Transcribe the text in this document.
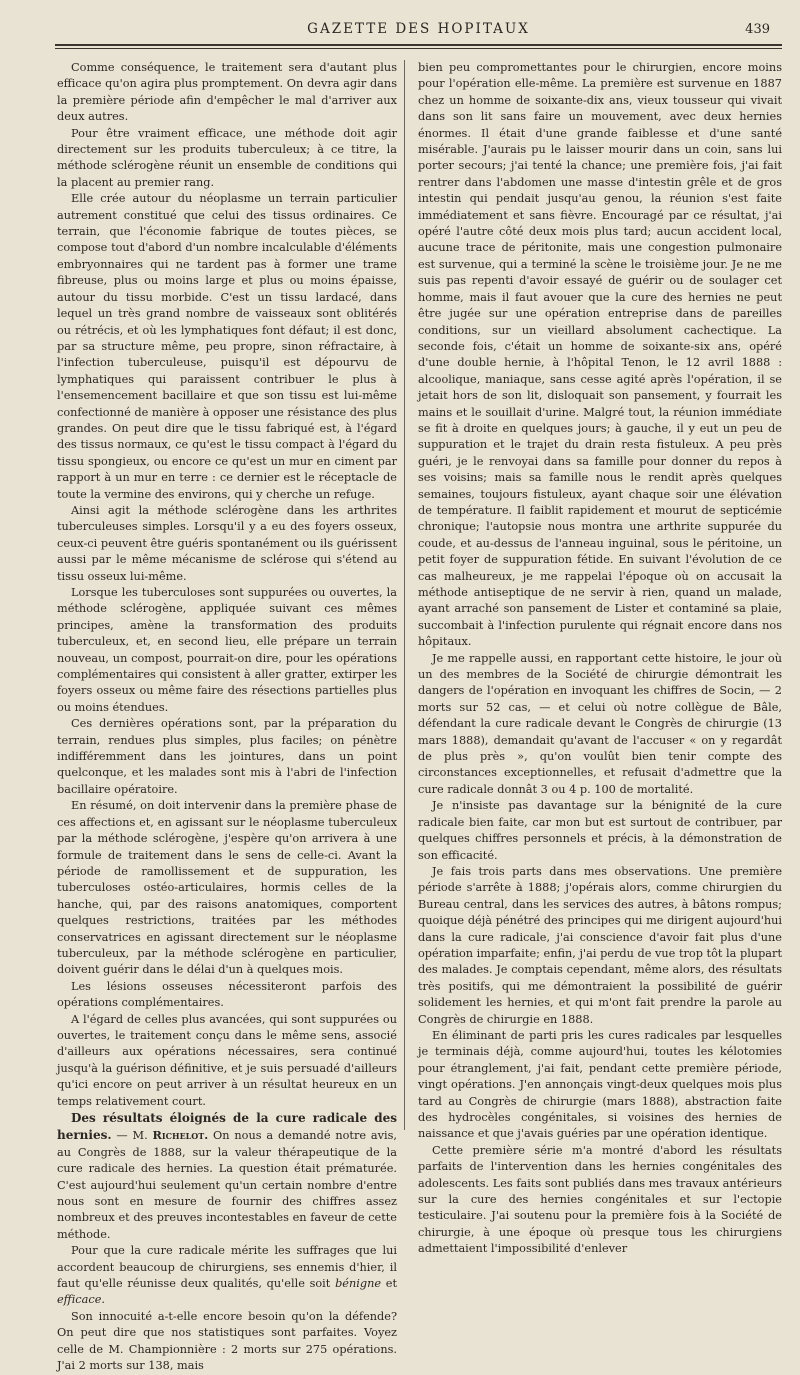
GAZETTE DES HOPITAUX	439

Comme conséquence, le traitement sera d'autant plus efficace qu'on agira plus promptement. On devra agir dans la première période afin d'empêcher le mal d'arriver aux deux autres.

Pour être vraiment efficace, une méthode doit agir directement sur les produits tuberculeux; à ce titre, la méthode sclérogène réunit un ensemble de conditions qui la placent au premier rang.

Elle crée autour du néoplasme un terrain particulier autrement constitué que celui des tissus ordinaires. Ce terrain, que l'économie fabrique de toutes pièces, se compose tout d'abord d'un nombre incalculable d'éléments embryonnaires qui ne tardent pas à former une trame fibreuse, plus ou moins large et plus ou moins épaisse, autour du tissu morbide. C'est un tissu lardacé, dans lequel un très grand nombre de vaisseaux sont oblitérés ou rétrécis, et où les lymphatiques font défaut; il est donc, par sa structure même, peu propre, sinon réfractaire, à l'infection tuberculeuse, puisqu'il est dépourvu de lymphatiques qui paraissent contribuer le plus à l'ensemencement bacillaire et que son tissu est lui-même confectionné de manière à opposer une résistance des plus grandes. On peut dire que le tissu fabriqué est, à l'égard des tissus normaux, ce qu'est le tissu compact à l'égard du tissu spongieux, ou encore ce qu'est un mur en ciment par rapport à un mur en terre : ce dernier est le réceptacle de toute la vermine des environs, qui y cherche un refuge.

Ainsi agit la méthode sclérogène dans les arthrites tuberculeuses simples. Lorsqu'il y a eu des foyers osseux, ceux-ci peuvent être guéris spontanément ou ils guérissent aussi par le même mécanisme de sclérose qui s'étend au tissu osseux lui-même.

Lorsque les tuberculoses sont suppurées ou ouvertes, la méthode sclérogène, appliquée suivant ces mêmes principes, amène la transformation des produits tuberculeux, et, en second lieu, elle prépare un terrain nouveau, un compost, pourrait-on dire, pour les opérations complémentaires qui consistent à aller gratter, extirper les foyers osseux ou même faire des résections partielles plus ou moins étendues.

Ces dernières opérations sont, par la préparation du terrain, rendues plus simples, plus faciles; on pénètre indifféremment dans les jointures, dans un point quelconque, et les malades sont mis à l'abri de l'infection bacillaire opératoire.

En résumé, on doit intervenir dans la première phase de ces affections et, en agissant sur le néoplasme tuberculeux par la méthode sclérogène, j'espère qu'on arrivera à une formule de traitement dans le sens de celle-ci. Avant la période de ramollissement et de suppuration, les tuberculoses ostéo-articulaires, hormis celles de la hanche, qui, par des raisons anatomiques, comportent quelques restrictions, traitées par les méthodes conservatrices en agissant directement sur le néoplasme tuberculeux, par la méthode sclérogène en particulier, doivent guérir dans le délai d'un à quelques mois.

Les lésions osseuses nécessiteront parfois des opérations complémentaires.

A l'égard de celles plus avancées, qui sont suppurées ou ouvertes, le traitement conçu dans le même sens, associé d'ailleurs aux opérations nécessaires, sera continué jusqu'à la guérison définitive, et je suis persuadé d'ailleurs qu'ici encore on peut arriver à un résultat heureux en un temps relativement court.

Des résultats éloignés de la cure radicale des hernies. — M. Richelot. On nous a demandé notre avis, au Congrès de 1888, sur la valeur thérapeutique de la cure radicale des hernies. La question était prématurée. C'est aujourd'hui seulement qu'un certain nombre d'entre nous sont en mesure de fournir des chiffres assez nombreux et des preuves incontestables en faveur de cette méthode.

Pour que la cure radicale mérite les suffrages que lui accordent beaucoup de chirurgiens, ses ennemis d'hier, il faut qu'elle réunisse deux qualités, qu'elle soit bénigne et efficace.

Son innocuité a-t-elle encore besoin qu'on la défende? On peut dire que nos statistiques sont parfaites. Voyez celle de M. Championnière : 2 morts sur 275 opérations. J'ai 2 morts sur 138, mais

bien peu compromettantes pour le chirurgien, encore moins pour l'opération elle-même. La première est survenue en 1887 chez un homme de soixante-dix ans, vieux tousseur qui vivait dans son lit sans faire un mouvement, avec deux hernies énormes. Il était d'une grande faiblesse et d'une santé misérable. J'aurais pu le laisser mourir dans un coin, sans lui porter secours; j'ai tenté la chance; une première fois, j'ai fait rentrer dans l'abdomen une masse d'intestin grêle et de gros intestin qui pendait jusqu'au genou, la réunion s'est faite immédiatement et sans fièvre. Encouragé par ce résultat, j'ai opéré l'autre côté deux mois plus tard; aucun accident local, aucune trace de péritonite, mais une congestion pulmonaire est survenue, qui a terminé la scène le troisième jour. Je ne me suis pas repenti d'avoir essayé de guérir ou de soulager cet homme, mais il faut avouer que la cure des hernies ne peut être jugée sur une opération entreprise dans de pareilles conditions, sur un vieillard absolument cachectique. La seconde fois, c'était un homme de soixante-six ans, opéré d'une double hernie, à l'hôpital Tenon, le 12 avril 1888 : alcoolique, maniaque, sans cesse agité après l'opération, il se jetait hors de son lit, disloquait son pansement, y fourrait les mains et le souillait d'urine. Malgré tout, la réunion immédiate se fit à droite en quelques jours; à gauche, il y eut un peu de suppuration et le trajet du drain resta fistuleux. A peu près guéri, je le renvoyai dans sa famille pour donner du repos à ses voisins; mais sa famille nous le rendit après quelques semaines, toujours fistuleux, ayant chaque soir une élévation de température. Il faiblit rapidement et mourut de septicémie chronique; l'autopsie nous montra une arthrite suppurée du coude, et au-dessus de l'anneau inguinal, sous le péritoine, un petit foyer de suppuration fétide. En suivant l'évolution de ce cas malheureux, je me rappelai l'époque où on accusait la méthode antiseptique de ne servir à rien, quand un malade, ayant arraché son pansement de Lister et contaminé sa plaie, succombait à l'infection purulente qui régnait encore dans nos hôpitaux.

Je me rappelle aussi, en rapportant cette histoire, le jour où un des membres de la Société de chirurgie démontrait les dangers de l'opération en invoquant les chiffres de Socin, — 2 morts sur 52 cas, — et celui où notre collègue de Bâle, défendant la cure radicale devant le Congrès de chirurgie (13 mars 1888), demandait qu'avant de l'accuser « on y regardât de plus près », qu'on voulût bien tenir compte des circonstances exceptionnelles, et refusait d'admettre que la cure radicale donnât 3 ou 4 p. 100 de mortalité.

Je n'insiste pas davantage sur la bénignité de la cure radicale bien faite, car mon but est surtout de contribuer, par quelques chiffres personnels et précis, à la démonstration de son efficacité.

Je fais trois parts dans mes observations. Une première période s'arrête à 1888; j'opérais alors, comme chirurgien du Bureau central, dans les services des autres, à bâtons rompus; quoique déjà pénétré des principes qui me dirigent aujourd'hui dans la cure radicale, j'ai conscience d'avoir fait plus d'une opération imparfaite; enfin, j'ai perdu de vue trop tôt la plupart des malades. Je comptais cependant, même alors, des résultats très positifs, qui me démontraient la possibilité de guérir solidement les hernies, et qui m'ont fait prendre la parole au Congrès de chirurgie en 1888.

En éliminant de parti pris les cures radicales par lesquelles je terminais déjà, comme aujourd'hui, toutes les kélotomies pour étranglement, j'ai fait, pendant cette première période, vingt opérations. J'en annonçais vingt-deux quelques mois plus tard au Congrès de chirurgie (mars 1888), abstraction faite des hydrocèles congénitales, si voisines des hernies de naissance et que j'avais guéries par une opération identique.

Cette première série m'a montré d'abord les résultats parfaits de l'intervention dans les hernies congénitales des adolescents. Les faits sont publiés dans mes travaux antérieurs sur la cure des hernies congénitales et sur l'ectopie testiculaire. J'ai soutenu pour la première fois à la Société de chirurgie, à une époque où presque tous les chirurgiens admettaient l'impossibilité d'enlever
